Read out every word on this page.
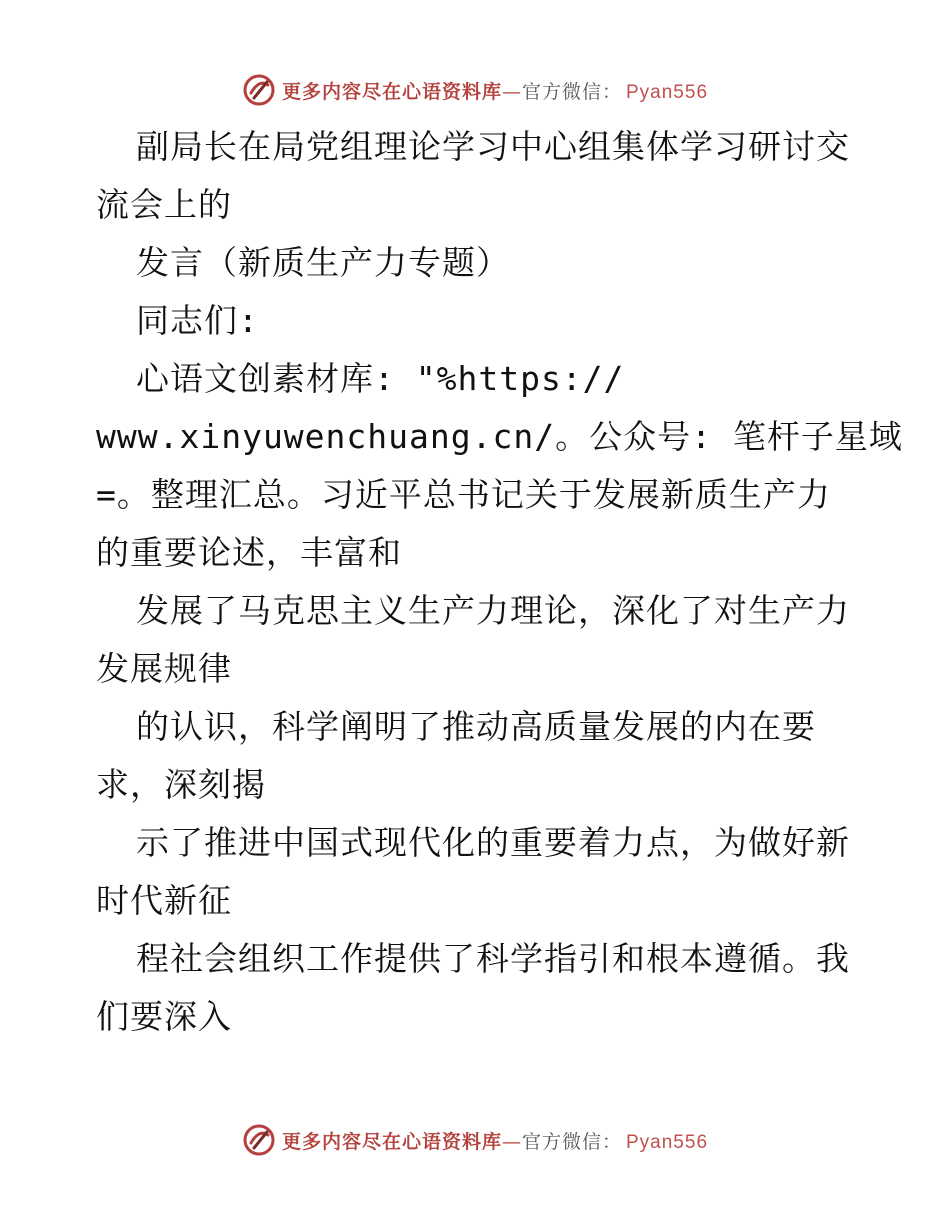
更多内容尽在心语资料库—官方微信： Pyan556
副局长在局党组理论学习中心组集体学习研讨交
流会上的
发言（新质生产力专题）
同志们:
心语文创素材库: "%https://
www.xinyuwenchuang.cn/。公众号: 笔杆子星域
=。整理汇总。习近平总书记关于发展新质生产力
的重要论述，丰富和
发展了马克思主义生产力理论，深化了对生产力
发展规律
的认识，科学阐明了推动高质量发展的内在要
求，深刻揭
示了推进中国式现代化的重要着力点，为做好新
时代新征
程社会组织工作提供了科学指引和根本遵循。我
们要深入
更多内容尽在心语资料库—官方微信： Pyan556
